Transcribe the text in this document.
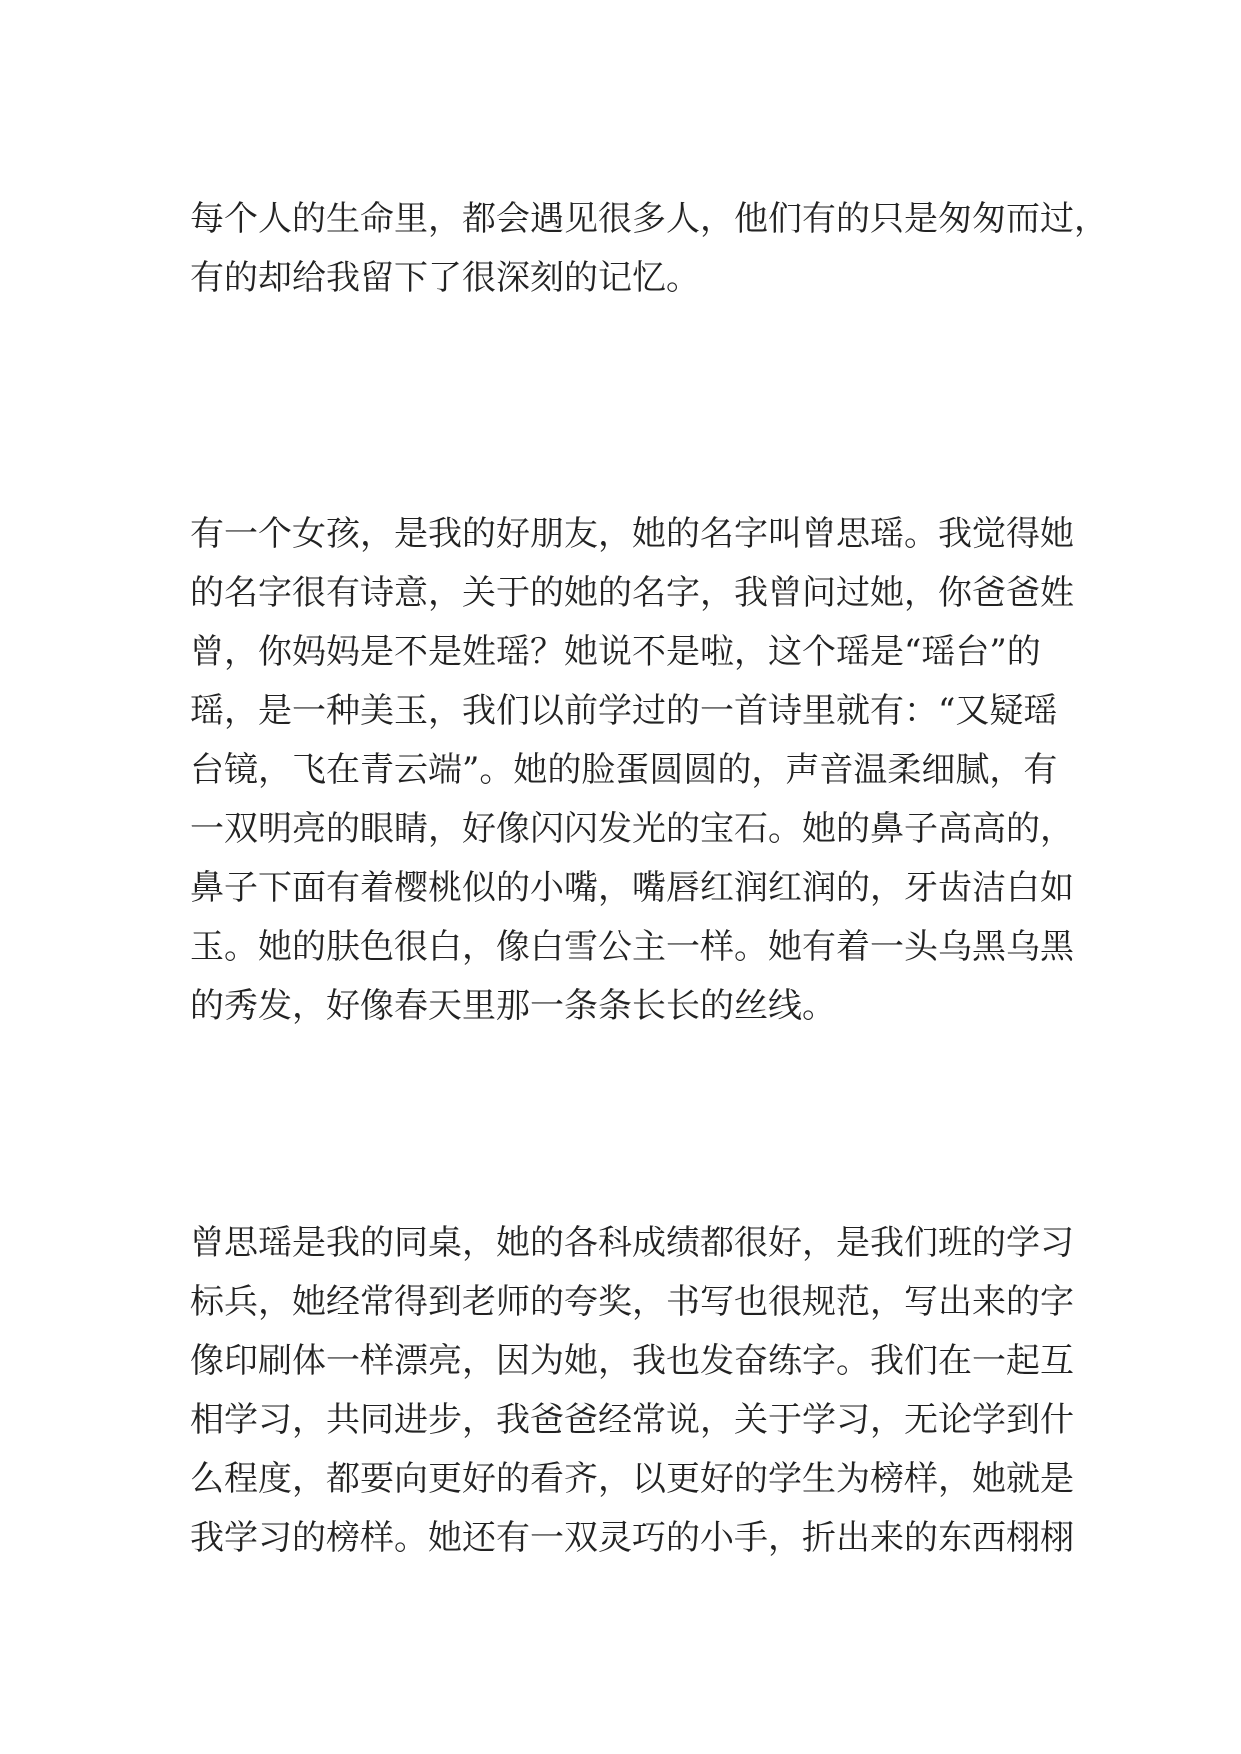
每个人的生命里，都会遇见很多人，他们有的只是匆匆而过，
有的却给我留下了很深刻的记忆。
有一个女孩，是我的好朋友，她的名字叫曾思瑶。我觉得她
的名字很有诗意，关于的她的名字，我曾问过她，你爸爸姓
曾，你妈妈是不是姓瑶？她说不是啦，这个瑶是“瑶台”的
瑶，是一种美玉，我们以前学过的一首诗里就有：“又疑瑶
台镜，飞在青云端”。她的脸蛋圆圆的，声音温柔细腻，有
一双明亮的眼睛，好像闪闪发光的宝石。她的鼻子高高的，
鼻子下面有着樱桃似的小嘴，嘴唇红润红润的，牙齿洁白如
玉。她的肤色很白，像白雪公主一样。她有着一头乌黑乌黑
的秀发，好像春天里那一条条长长的丝线。
曾思瑶是我的同桌，她的各科成绩都很好，是我们班的学习
标兵，她经常得到老师的夸奖，书写也很规范，写出来的字
像印刷体一样漂亮，因为她，我也发奋练字。我们在一起互
相学习，共同进步，我爸爸经常说，关于学习，无论学到什
么程度，都要向更好的看齐，以更好的学生为榜样，她就是
我学习的榜样。她还有一双灵巧的小手，折出来的东西栩栩
